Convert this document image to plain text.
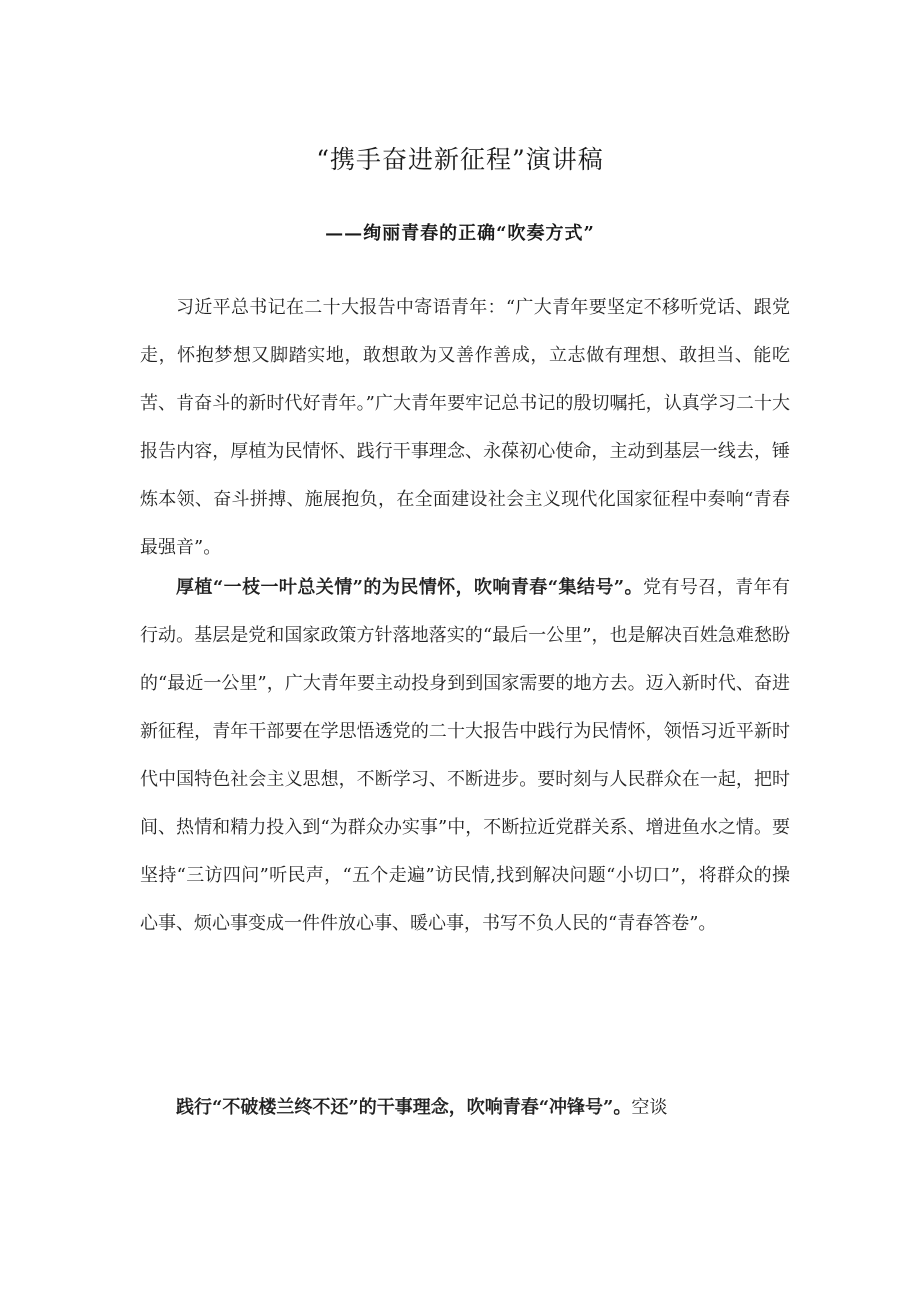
“携手奋进新征程”演讲稿
——绚丽青春的正确“吹奏方式”

习近平总书记在二十大报告中寄语青年：“广大青年要坚定不移听党话、跟党走，怀抱梦想又脚踏实地，敢想敢为又善作善成，立志做有理想、敢担当、能吃苦、肯奋斗的新时代好青年。”广大青年要牢记总书记的殷切嘱托，认真学习二十大报告内容，厚植为民情怀、践行干事理念、永葆初心使命，主动到基层一线去，锤炼本领、奋斗拼搏、施展抱负，在全面建设社会主义现代化国家征程中奏响“青春最强音”。

厚植“一枝一叶总关情”的为民情怀，吹响青春“集结号”。党有号召，青年有行动。基层是党和国家政策方针落地落实的“最后一公里”，也是解决百姓急难愁盼的“最近一公里”，广大青年要主动投身到到国家需要的地方去。迈入新时代、奋进新征程，青年干部要在学思悟透党的二十大报告中践行为民情怀，领悟习近平新时代中国特色社会主义思想，不断学习、不断进步。要时刻与人民群众在一起，把时间、热情和精力投入到“为群众办实事”中，不断拉近党群关系、增进鱼水之情。要坚持“三访四问”听民声，“五个走遍”访民情,找到解决问题“小切口”，将群众的操心事、烦心事变成一件件放心事、暖心事，书写不负人民的“青春答卷”。

践行“不破楼兰终不还”的干事理念，吹响青春“冲锋号”。空谈
